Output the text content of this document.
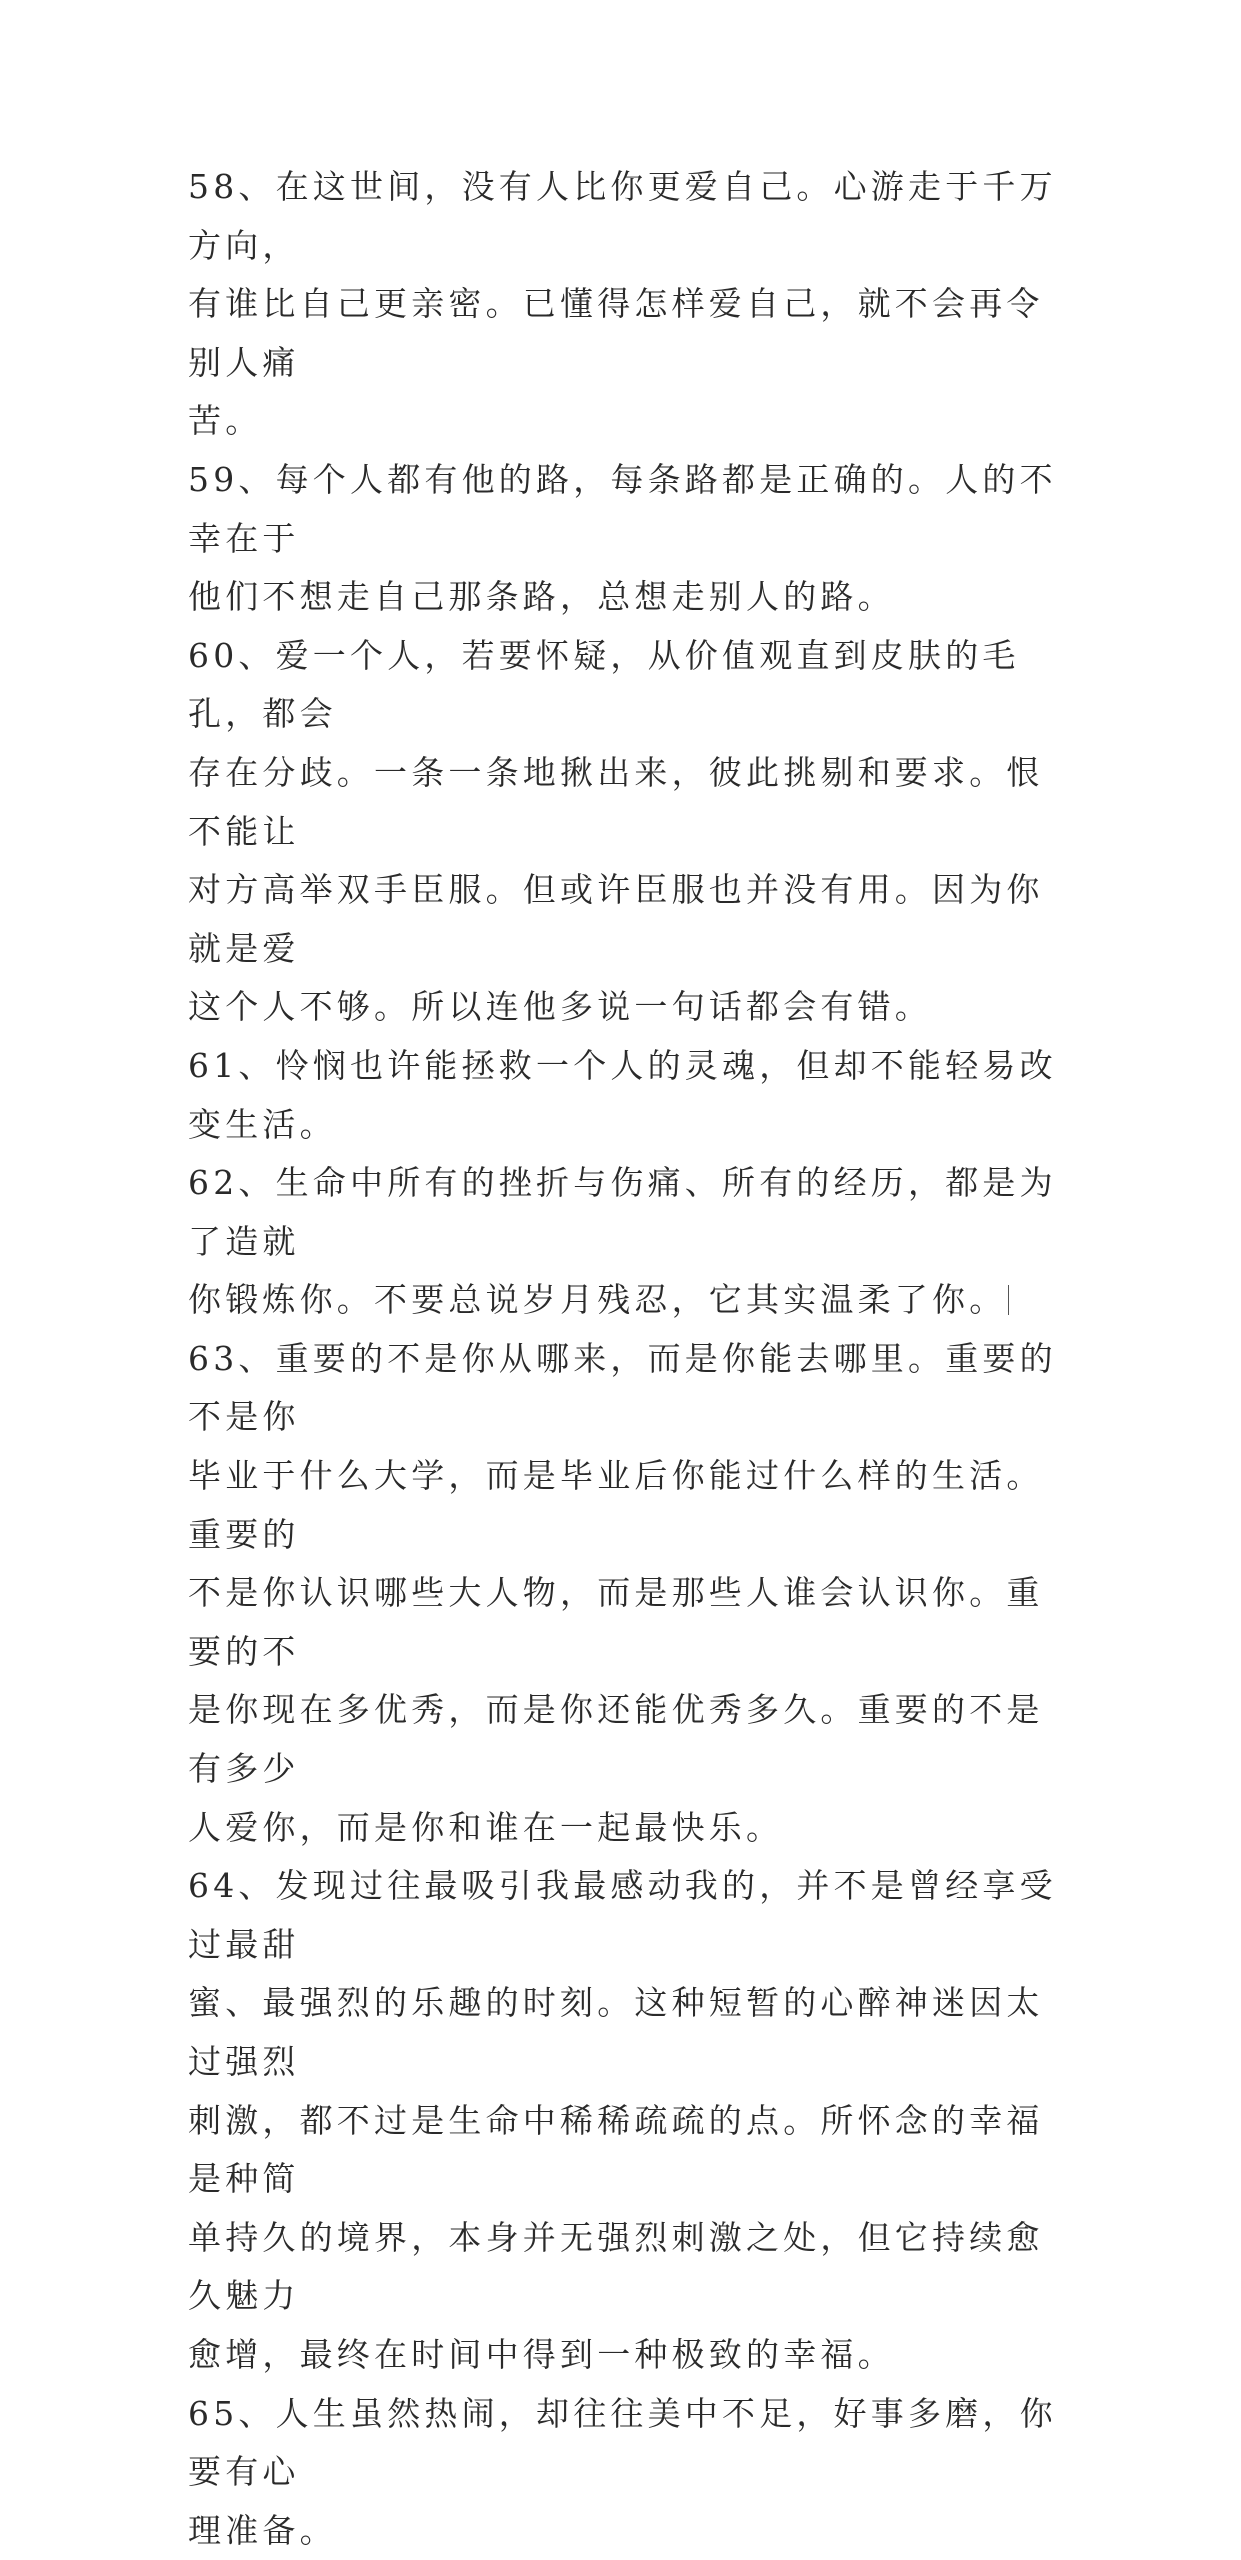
58、在这世间，没有人比你更爱自己。心游走于千万方向，
有谁比自己更亲密。已懂得怎样爱自己，就不会再令别人痛
苦。

59、每个人都有他的路，每条路都是正确的。人的不幸在于
他们不想走自己那条路，总想走别人的路。

60、爱一个人，若要怀疑，从价值观直到皮肤的毛孔，都会
存在分歧。一条一条地揪出来，彼此挑剔和要求。恨不能让
对方高举双手臣服。但或许臣服也并没有用。因为你就是爱
这个人不够。所以连他多说一句话都会有错。

61、怜悯也许能拯救一个人的灵魂，但却不能轻易改变生活。

62、生命中所有的挫折与伤痛、所有的经历，都是为了造就
你锻炼你。不要总说岁月残忍，它其实温柔了你。

63、重要的不是你从哪来，而是你能去哪里。重要的不是你
毕业于什么大学，而是毕业后你能过什么样的生活。重要的
不是你认识哪些大人物，而是那些人谁会认识你。重要的不
是你现在多优秀，而是你还能优秀多久。重要的不是有多少
人爱你，而是你和谁在一起最快乐。

64、发现过往最吸引我最感动我的，并不是曾经享受过最甜
蜜、最强烈的乐趣的时刻。这种短暂的心醉神迷因太过强烈
刺激，都不过是生命中稀稀疏疏的点。所怀念的幸福是种简
单持久的境界，本身并无强烈刺激之处，但它持续愈久魅力
愈增，最终在时间中得到一种极致的幸福。

65、人生虽然热闹，却往往美中不足，好事多磨，你要有心
理准备。
